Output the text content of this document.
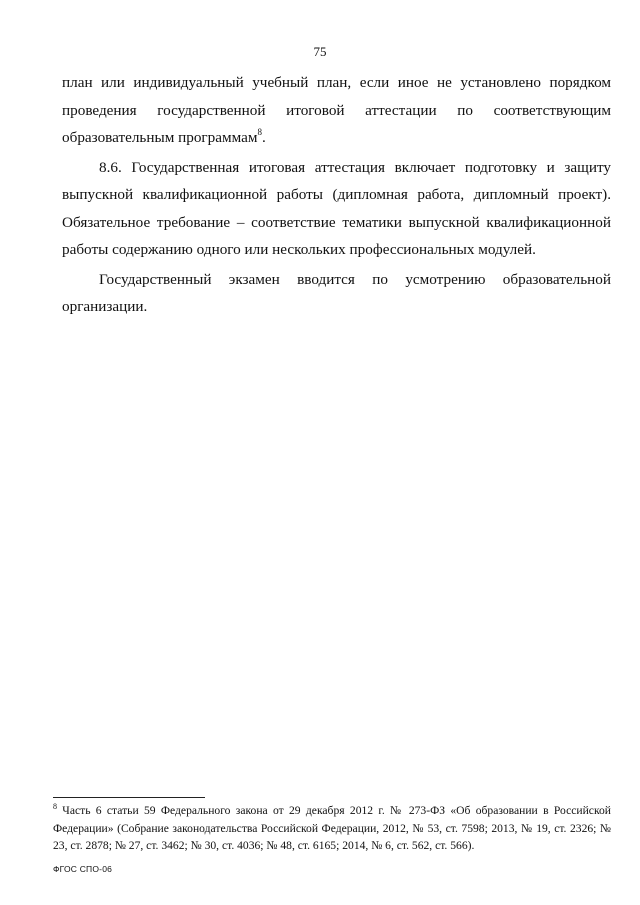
75

план или индивидуальный учебный план, если иное не установлено порядком проведения государственной итоговой аттестации по соответствующим образовательным программам$^8$.

8.6. Государственная итоговая аттестация включает подготовку и защиту выпускной квалификационной работы (дипломная работа, дипломный проект). Обязательное требование – соответствие тематики выпускной квалификационной работы содержанию одного или нескольких профессиональных модулей.

Государственный экзамен вводится по усмотрению образовательной организации.

$^8$ Часть 6 статьи 59 Федерального закона от 29 декабря 2012 г. № 273-ФЗ «Об образовании в Российской Федерации» (Собрание законодательства Российской Федерации, 2012, № 53, ст. 7598; 2013, № 19, ст. 2326; № 23, ст. 2878; № 27, ст. 3462; № 30, ст. 4036; № 48, ст. 6165; 2014, № 6, ст. 562, ст. 566).
ФГОС СПО-06
